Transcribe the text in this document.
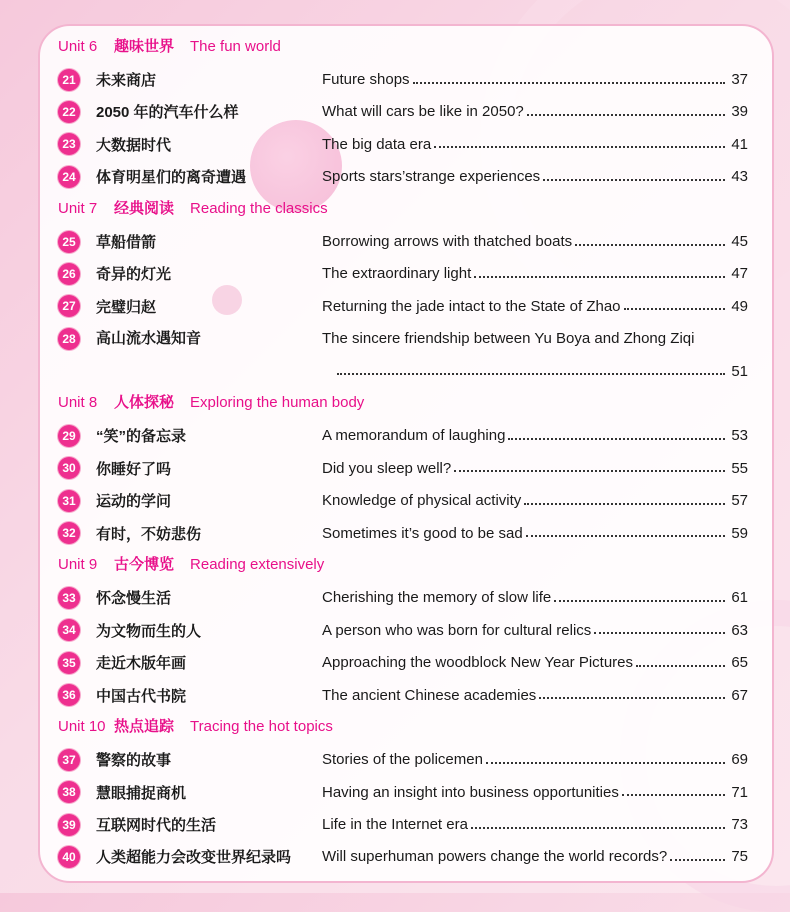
Unit 6 趣味世界 The fun world
21 未来商店	Future shops	37
22 2050 年的汽车什么样	What will cars be like in 2050?	39
23 大数据时代	The big data era	41
24 体育明星们的离奇遭遇	Sports stars’strange experiences	43
Unit 7 经典阅读 Reading the classics
25 草船借箭	Borrowing arrows with thatched boats	45
26 奇异的灯光	The extraordinary light	47
27 完璧归赵	Returning the jade intact to the State of Zhao	49
28 高山流水遇知音	The sincere friendship between Yu Boya and Zhong Ziqi
51
Unit 8 人体探秘 Exploring the human body
29 “笑”的备忘录	A memorandum of laughing	53
30 你睡好了吗	Did you sleep well?	55
31 运动的学问	Knowledge of physical activity	57
32 有时，不妨悲伤	Sometimes it’s good to be sad	59
Unit 9 古今博览 Reading extensively
33 怀念慢生活	Cherishing the memory of slow life	61
34 为文物而生的人	A person who was born for cultural relics	63
35 走近木版年画	Approaching the woodblock New Year Pictures	65
36 中国古代书院	The ancient Chinese academies	67
Unit 10 热点追踪 Tracing the hot topics
37 警察的故事	Stories of the policemen	69
38 慧眼捕捉商机	Having an insight into business opportunities	71
39 互联网时代的生活	Life in the Internet era	73
40 人类超能力会改变世界纪录吗	Will superhuman powers change the world records?	75
